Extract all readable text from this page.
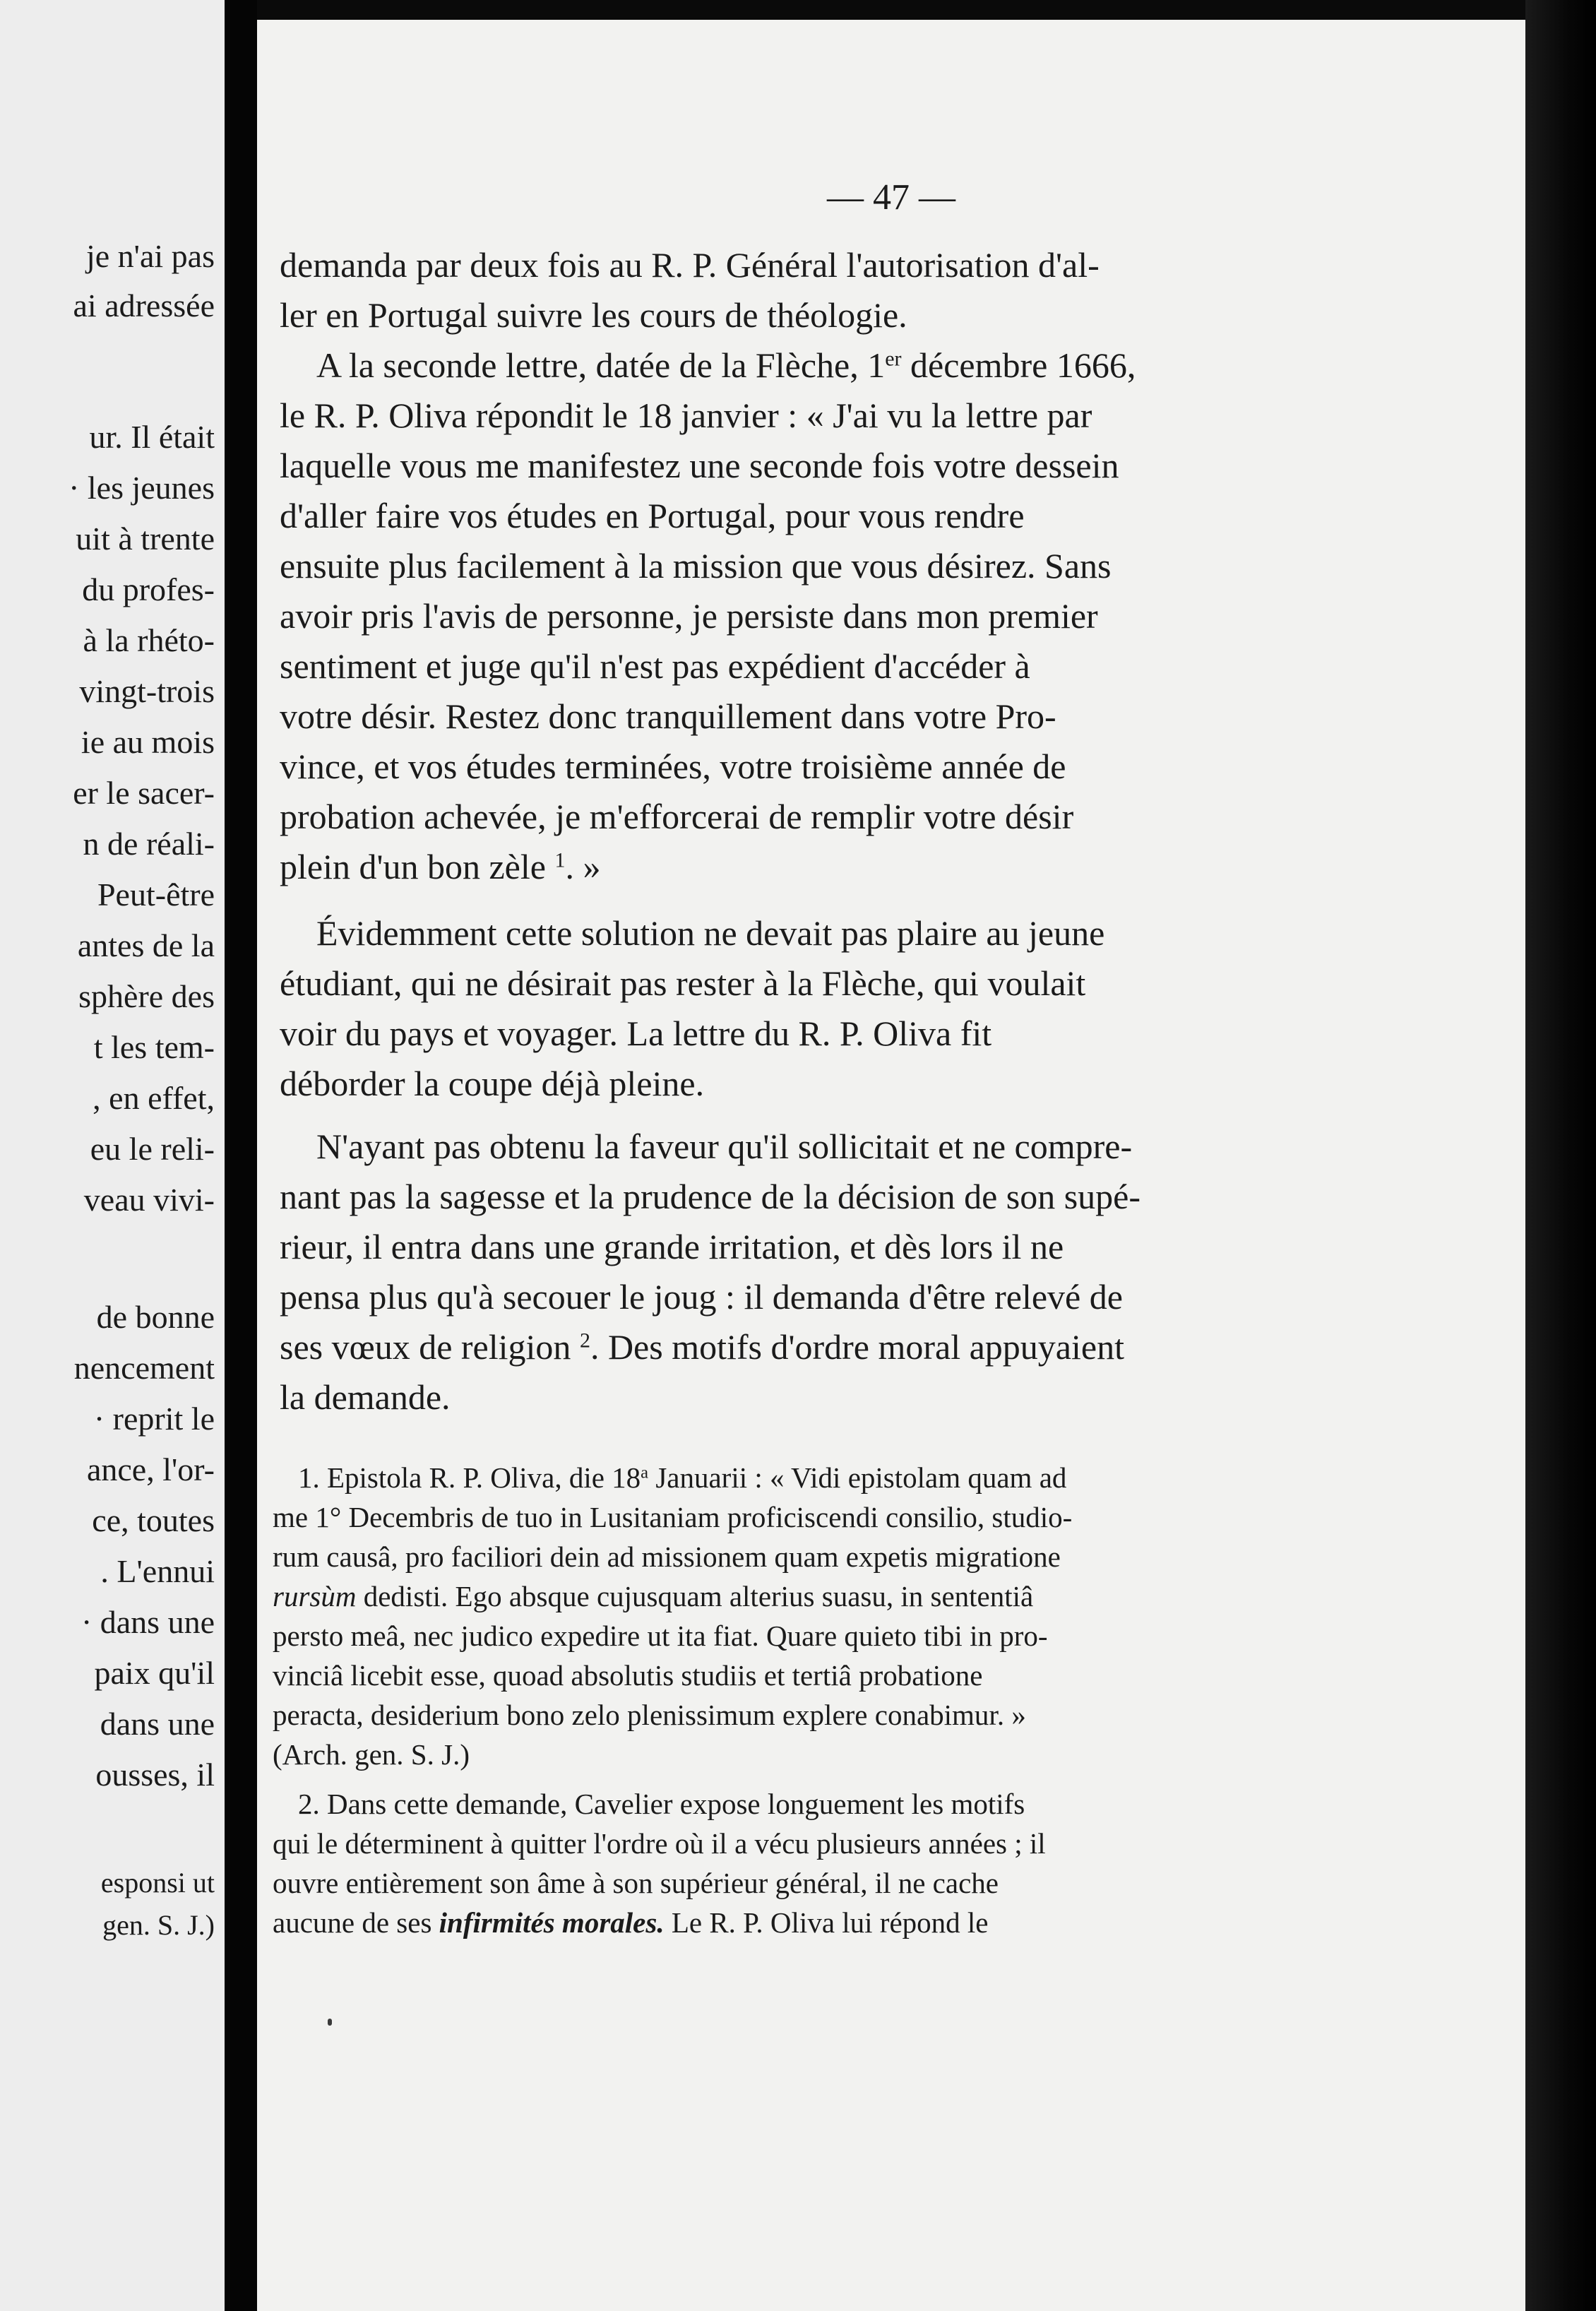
je n'ai pas
ai adressée
ur. Il était
· les jeunes
uit à trente
du profes-
à la rhéto-
vingt-trois
ie au mois
er le sacer-
n de réali-
Peut-être
antes de la
sphère des
t les tem-
, en effet,
eu le reli-
veau vivi-
de bonne
nencement
· reprit le
ance, l'or-
ce, toutes
. L'ennui
· dans une
paix qu'il
dans une
ousses, il
esponsi ut
gen. S. J.)
— 47 —
demanda par deux fois au R. P. Général l'autorisation d'al-
ler en Portugal suivre les cours de théologie.
A la seconde lettre, datée de la Flèche, 1er décembre 1666,
le R. P. Oliva répondit le 18 janvier : « J'ai vu la lettre par
laquelle vous me manifestez une seconde fois votre dessein
d'aller faire vos études en Portugal, pour vous rendre
ensuite plus facilement à la mission que vous désirez. Sans
avoir pris l'avis de personne, je persiste dans mon premier
sentiment et juge qu'il n'est pas expédient d'accéder à
votre désir. Restez donc tranquillement dans votre Pro-
vince, et vos études terminées, votre troisième année de
probation achevée, je m'efforcerai de remplir votre désir
plein d'un bon zèle $^1$. »
Évidemment cette solution ne devait pas plaire au jeune
étudiant, qui ne désirait pas rester à la Flèche, qui voulait
voir du pays et voyager. La lettre du R. P. Oliva fit
déborder la coupe déjà pleine.
N'ayant pas obtenu la faveur qu'il sollicitait et ne compre-
nant pas la sagesse et la prudence de la décision de son supé-
rieur, il entra dans une grande irritation, et dès lors il ne
pensa plus qu'à secouer le joug : il demanda d'être relevé de
ses vœux de religion $^2$. Des motifs d'ordre moral appuyaient
la demande.
1. Epistola R. P. Oliva, die 18$^a$ Januarii : « Vidi epistolam quam ad
me 1° Decembris de tuo in Lusitaniam proficiscendi consilio, studio-
rum causâ, pro faciliori dein ad missionem quam expetis migratione
rursùm dedisti. Ego absque cujusquam alterius suasu, in sententiâ
persto meâ, nec judico expedire ut ita fiat. Quare quieto tibi in pro-
vinciâ licebit esse, quoad absolutis studiis et tertiâ probatione
peracta, desiderium bono zelo plenissimum explere conabimur. »
(Arch. gen. S. J.)
2. Dans cette demande, Cavelier expose longuement les motifs
qui le déterminent à quitter l'ordre où il a vécu plusieurs années ; il
ouvre entièrement son âme à son supérieur général, il ne cache
aucune de ses infirmités morales. Le R. P. Oliva lui répond le
